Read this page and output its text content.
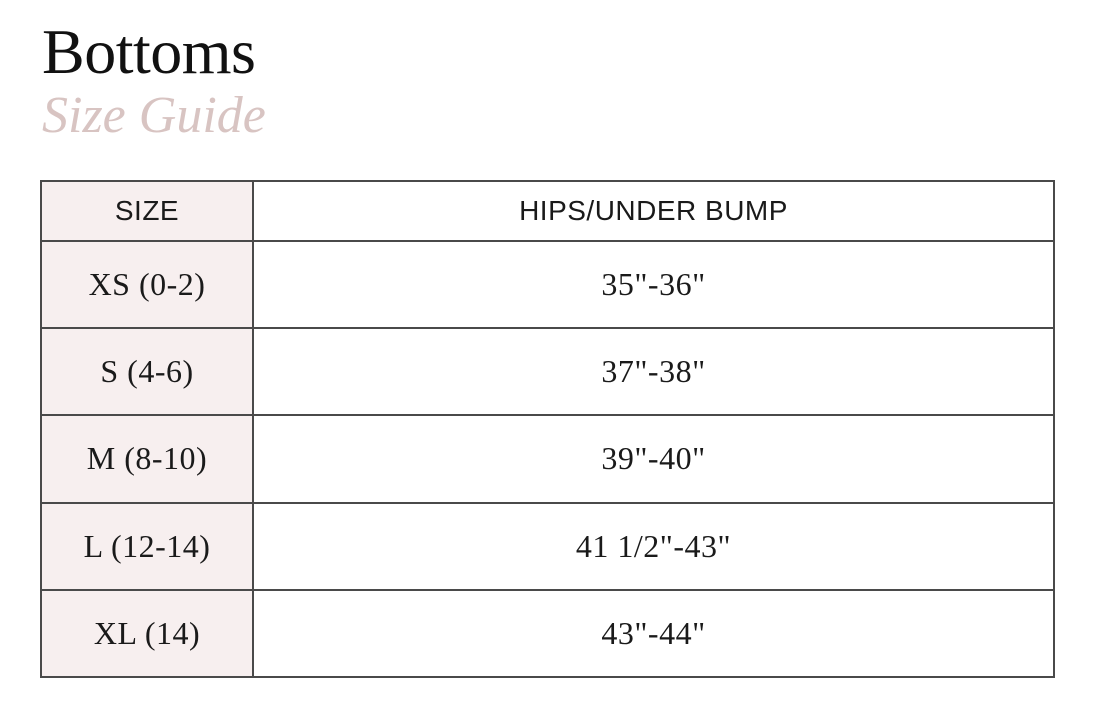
Bottoms
Size Guide
SIZE	HIPS/UNDER BUMP
XS (0-2)	35"-36"
S (4-6)	37"-38"
M (8-10)	39"-40"
L (12-14)	41 1/2"-43"
XL (14)	43"-44"
